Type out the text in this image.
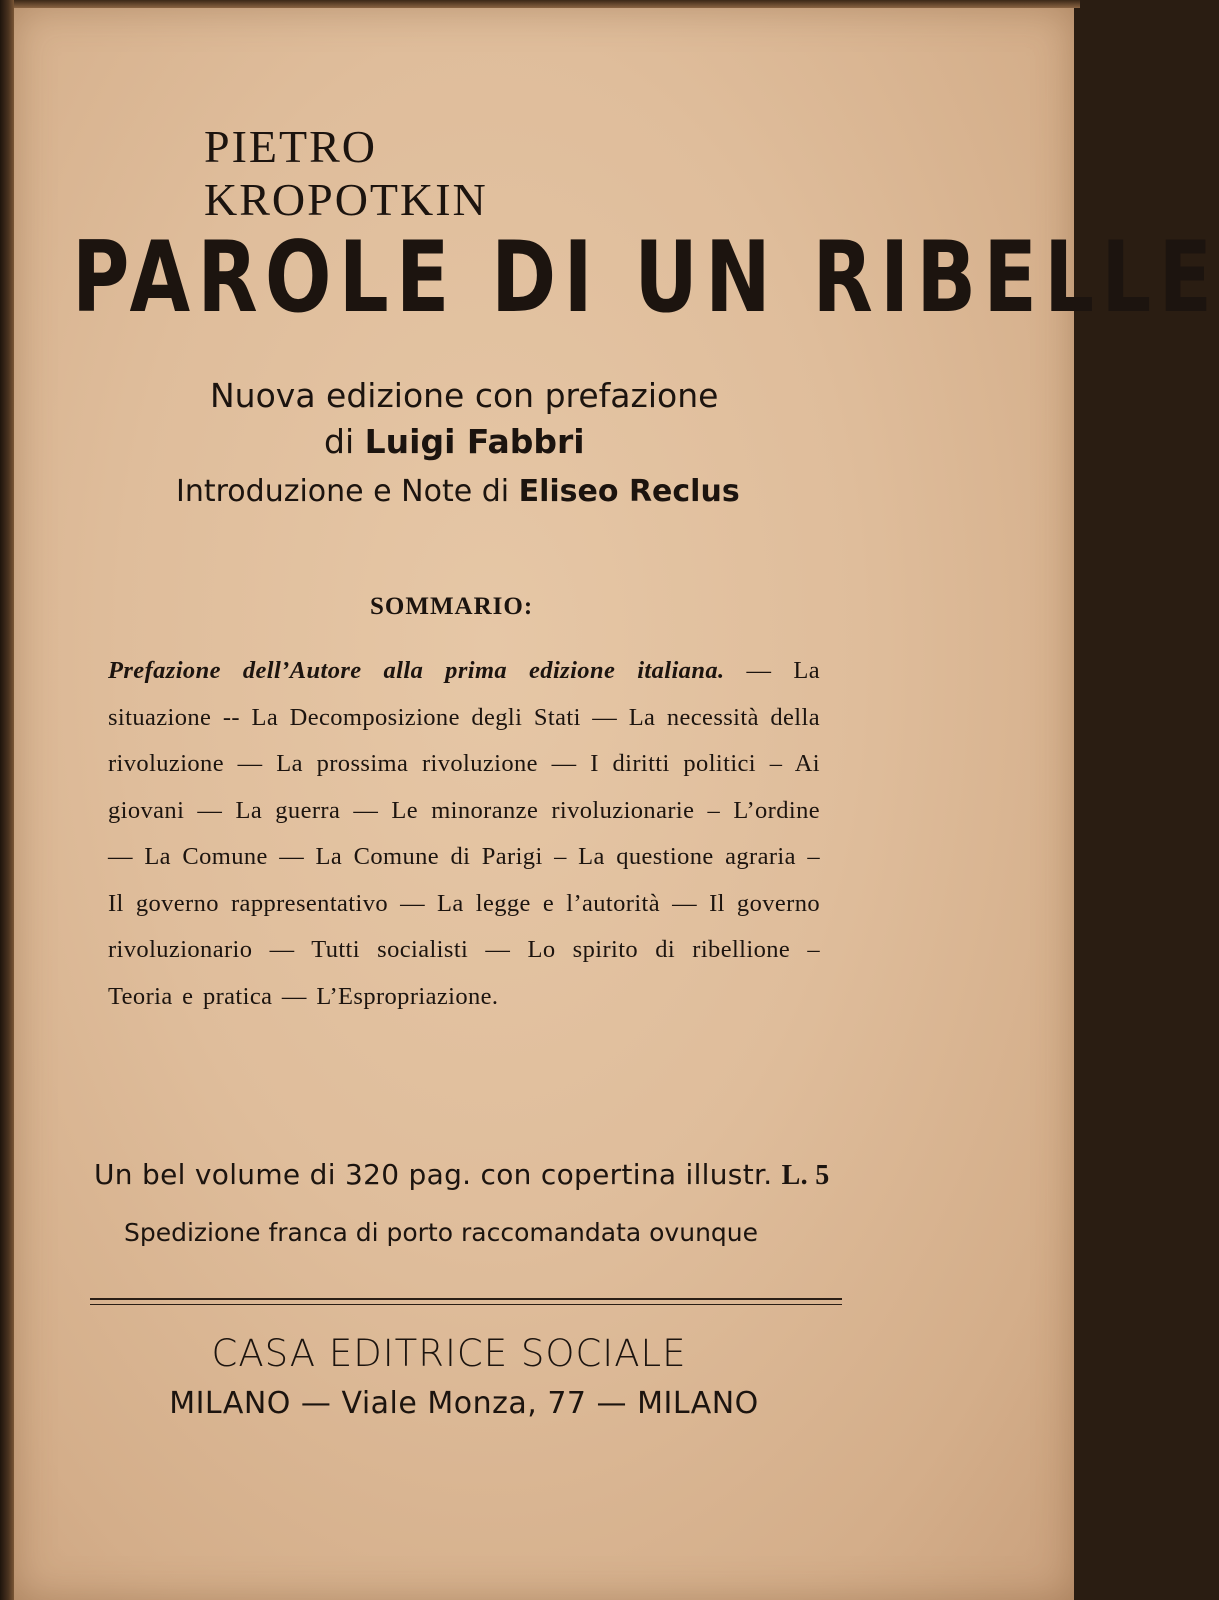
PIETRO KROPOTKIN
PAROLE DI UN RIBELLE
Nuova edizione con prefazione
di Luigi Fabbri
Introduzione e Note di Eliseo Reclus
SOMMARIO:
Prefazione dell’Autore alla prima edizione italiana. — La situazione -- La Decomposizione degli Stati — La necessità della rivoluzione — La prossima rivoluzione — I diritti politici – Ai giovani — La guerra — Le minoranze rivoluzionarie – L’ordine — La Comune — La Comune di Parigi – La questione agraria – Il governo rappresentativo — La legge e l’autorità — Il governo rivoluzionario — Tutti socialisti — Lo spirito di ribellione – Teoria e pratica — L’Espropriazione.
Un bel volume di 320 pag. con copertina illustr. L. 5
Spedizione franca di porto raccomandata ovunque
CASA EDITRICE SOCIALE
MILANO — Viale Monza, 77 — MILANO
